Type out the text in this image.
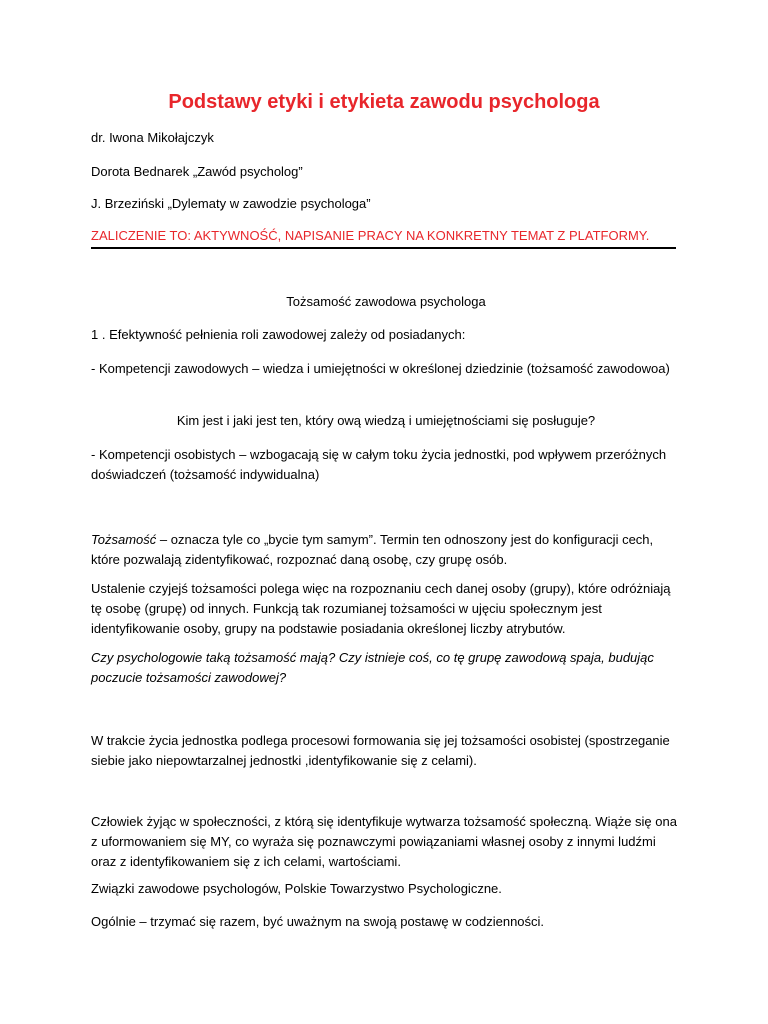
Podstawy etyki i etykieta zawodu psychologa

dr. Iwona Mikołajczyk

Dorota Bednarek „Zawód psycholog”

J. Brzeziński „Dylematy w zawodzie psychologa”

ZALICZENIE TO: AKTYWNOŚĆ, NAPISANIE PRACY NA KONKRETNY TEMAT Z PLATFORMY.

Tożsamość zawodowa psychologa

1 . Efektywność pełnienia roli zawodowej zależy od posiadanych:

- Kompetencji zawodowych – wiedza i umiejętności w określonej dziedzinie (tożsamość zawodowoa)

Kim jest i jaki jest ten, który ową wiedzą i umiejętnościami się posługuje?

- Kompetencji osobistych – wzbogacają się w całym toku życia jednostki, pod wpływem przeróżnych doświadczeń (tożsamość indywidualna)

Tożsamość – oznacza tyle co „bycie tym samym”. Termin ten odnoszony jest do konfiguracji cech, które pozwalają zidentyfikować, rozpoznać daną osobę, czy grupę osób.

Ustalenie czyjejś tożsamości polega więc na rozpoznaniu cech danej osoby (grupy), które odróżniają tę osobę (grupę) od innych. Funkcją tak rozumianej tożsamości w ujęciu społecznym jest identyfikowanie osoby, grupy na podstawie posiadania określonej liczby atrybutów.

Czy psychologowie taką tożsamość mają? Czy istnieje coś, co tę grupę zawodową spaja, budując poczucie tożsamości zawodowej?

W trakcie życia jednostka podlega procesowi formowania się jej tożsamości osobistej (spostrzeganie siebie jako niepowtarzalnej jednostki ,identyfikowanie się z celami).

Człowiek żyjąc w społeczności, z którą się identyfikuje wytwarza tożsamość społeczną. Wiąże się ona z uformowaniem się MY, co wyraża się poznawczymi powiązaniami własnej osoby z innymi ludźmi oraz z identyfikowaniem się z ich celami, wartościami.

Związki zawodowe psychologów, Polskie Towarzystwo Psychologiczne.

Ogólnie – trzymać się razem, być uważnym na swoją postawę w codzienności.
